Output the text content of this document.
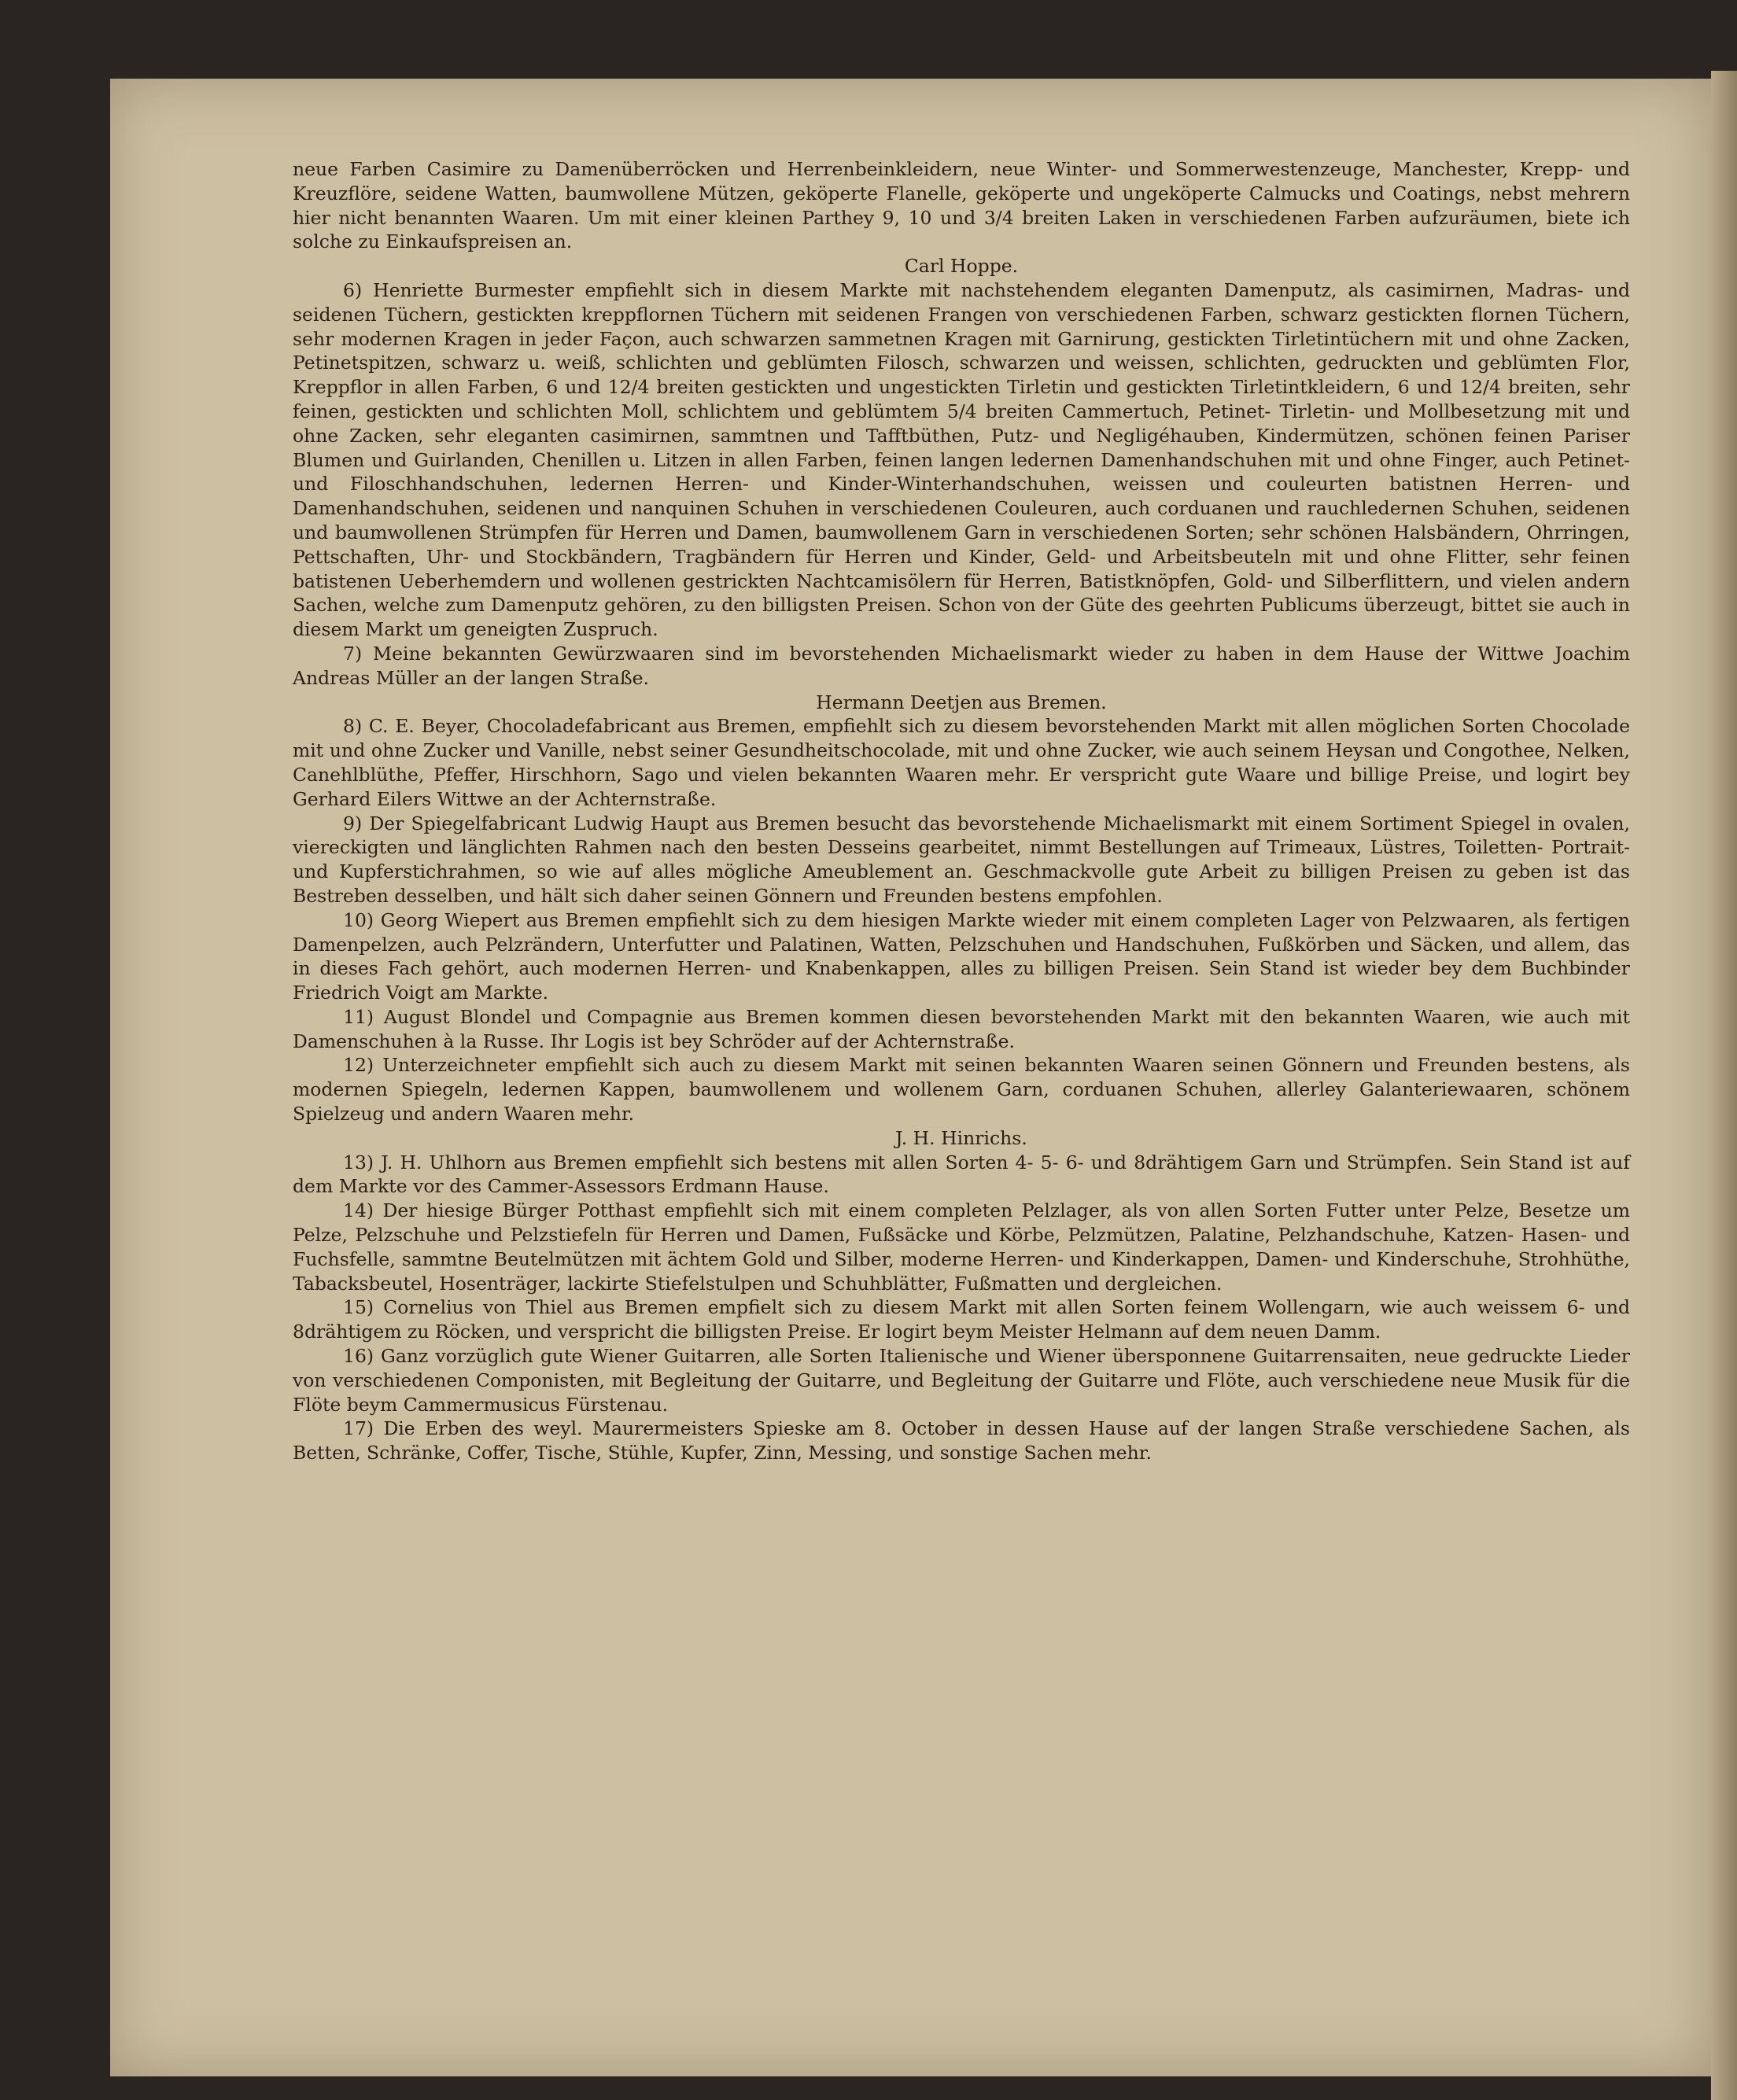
neue Farben Casimire zu Damenüberröcken und Herrenbeinkleidern, neue Winter- und Sommerwestenzeuge, Manchester, Krepp- und Kreuzflöre, seidene Watten, baumwollene Mützen, geköperte Flanelle, geköperte und ungeköperte Calmucks und Coatings, nebst mehrern hier nicht benannten Waaren. Um mit einer kleinen Parthey 9, 10 und 3/4 breiten Laken in verschiedenen Farben aufzuräumen, biete ich solche zu Einkaufspreisen an.

Carl Hoppe.

6) Henriette Burmester empfiehlt sich in diesem Markte mit nachstehendem eleganten Damenputz, als casimirnen, Madras- und seidenen Tüchern, gestickten kreppflornen Tüchern mit seidenen Frangen von verschiedenen Farben, schwarz gestickten flornen Tüchern, sehr modernen Kragen in jeder Façon, auch schwarzen sammetnen Kragen mit Garnirung, gestickten Tirletintüchern mit und ohne Zacken, Petinetspitzen, schwarz u. weiß, schlichten und geblümten Filosch, schwarzen und weissen, schlichten, gedruckten und geblümten Flor, Kreppflor in allen Farben, 6 und 12/4 breiten gestickten und ungestickten Tirletin und gestickten Tirletintkleidern, 6 und 12/4 breiten, sehr feinen, gestickten und schlichten Moll, schlichtem und geblümtem 5/4 breiten Cammertuch, Petinet- Tirletin- und Mollbesetzung mit und ohne Zacken, sehr eleganten casimirnen, sammtnen und Tafftbüthen, Putz- und Negligéhauben, Kindermützen, schönen feinen Pariser Blumen und Guirlanden, Chenillen u. Litzen in allen Farben, feinen langen ledernen Damenhandschuhen mit und ohne Finger, auch Petinet- und Filoschhandschuhen, ledernen Herren- und Kinder-Winterhandschuhen, weissen und couleurten batistnen Herren- und Damenhandschuhen, seidenen und nanquinen Schuhen in verschiedenen Couleuren, auch corduanen und rauchledernen Schuhen, seidenen und baumwollenen Strümpfen für Herren und Damen, baumwollenem Garn in verschiedenen Sorten; sehr schönen Halsbändern, Ohrringen, Pettschaften, Uhr- und Stockbändern, Tragbändern für Herren und Kinder, Geld- und Arbeitsbeuteln mit und ohne Flitter, sehr feinen batistenen Ueberhemdern und wollenen gestrickten Nachtcamisölern für Herren, Batistknöpfen, Gold- und Silberflittern, und vielen andern Sachen, welche zum Damenputz gehören, zu den billigsten Preisen. Schon von der Güte des geehrten Publicums überzeugt, bittet sie auch in diesem Markt um geneigten Zuspruch.

7) Meine bekannten Gewürzwaaren sind im bevorstehenden Michaelismarkt wieder zu haben in dem Hause der Wittwe Joachim Andreas Müller an der langen Straße.

Hermann Deetjen aus Bremen.

8) C. E. Beyer, Chocoladefabricant aus Bremen, empfiehlt sich zu diesem bevorstehenden Markt mit allen möglichen Sorten Chocolade mit und ohne Zucker und Vanille, nebst seiner Gesundheitschocolade, mit und ohne Zucker, wie auch seinem Heysan und Congothee, Nelken, Canehlblüthe, Pfeffer, Hirschhorn, Sago und vielen bekannten Waaren mehr. Er verspricht gute Waare und billige Preise, und logirt bey Gerhard Eilers Wittwe an der Achternstraße.

9) Der Spiegelfabricant Ludwig Haupt aus Bremen besucht das bevorstehende Michaelismarkt mit einem Sortiment Spiegel in ovalen, viereckigten und länglichten Rahmen nach den besten Desseins gearbeitet, nimmt Bestellungen auf Trimeaux, Lüstres, Toiletten- Portrait- und Kupferstichrahmen, so wie auf alles mögliche Ameublement an. Geschmackvolle gute Arbeit zu billigen Preisen zu geben ist das Bestreben desselben, und hält sich daher seinen Gönnern und Freunden bestens empfohlen.

10) Georg Wiepert aus Bremen empfiehlt sich zu dem hiesigen Markte wieder mit einem completen Lager von Pelzwaaren, als fertigen Damenpelzen, auch Pelzrändern, Unterfutter und Palatinen, Watten, Pelzschuhen und Handschuhen, Fußkörben und Säcken, und allem, das in dieses Fach gehört, auch modernen Herren- und Knabenkappen, alles zu billigen Preisen. Sein Stand ist wieder bey dem Buchbinder Friedrich Voigt am Markte.

11) August Blondel und Compagnie aus Bremen kommen diesen bevorstehenden Markt mit den bekannten Waaren, wie auch mit Damenschuhen à la Russe. Ihr Logis ist bey Schröder auf der Achternstraße.

12) Unterzeichneter empfiehlt sich auch zu diesem Markt mit seinen bekannten Waaren seinen Gönnern und Freunden bestens, als modernen Spiegeln, ledernen Kappen, baumwollenem und wollenem Garn, corduanen Schuhen, allerley Galanteriewaaren, schönem Spielzeug und andern Waaren mehr.

J. H. Hinrichs.

13) J. H. Uhlhorn aus Bremen empfiehlt sich bestens mit allen Sorten 4- 5- 6- und 8drähtigem Garn und Strümpfen. Sein Stand ist auf dem Markte vor des Cammer-Assessors Erdmann Hause.

14) Der hiesige Bürger Potthast empfiehlt sich mit einem completen Pelzlager, als von allen Sorten Futter unter Pelze, Besetze um Pelze, Pelzschuhe und Pelzstiefeln für Herren und Damen, Fußsäcke und Körbe, Pelzmützen, Palatine, Pelzhandschuhe, Katzen- Hasen- und Fuchsfelle, sammtne Beutelmützen mit ächtem Gold und Silber, moderne Herren- und Kinderkappen, Damen- und Kinderschuhe, Strohhüthe, Tabacksbeutel, Hosenträger, lackirte Stiefelstulpen und Schuhblätter, Fußmatten und dergleichen.

15) Cornelius von Thiel aus Bremen empfielt sich zu diesem Markt mit allen Sorten feinem Wollengarn, wie auch weissem 6- und 8drähtigem zu Röcken, und verspricht die billigsten Preise. Er logirt beym Meister Helmann auf dem neuen Damm.

16) Ganz vorzüglich gute Wiener Guitarren, alle Sorten Italienische und Wiener übersponnene Guitarrensaiten, neue gedruckte Lieder von verschiedenen Componisten, mit Begleitung der Guitarre, und Begleitung der Guitarre und Flöte, auch verschiedene neue Musik für die Flöte beym Cammermusicus Fürstenau.

17) Die Erben des weyl. Maurermeisters Spieske am 8. October in dessen Hause auf der langen Straße verschiedene Sachen, als Betten, Schränke, Coffer, Tische, Stühle, Kupfer, Zinn, Messing, und sonstige Sachen mehr.
